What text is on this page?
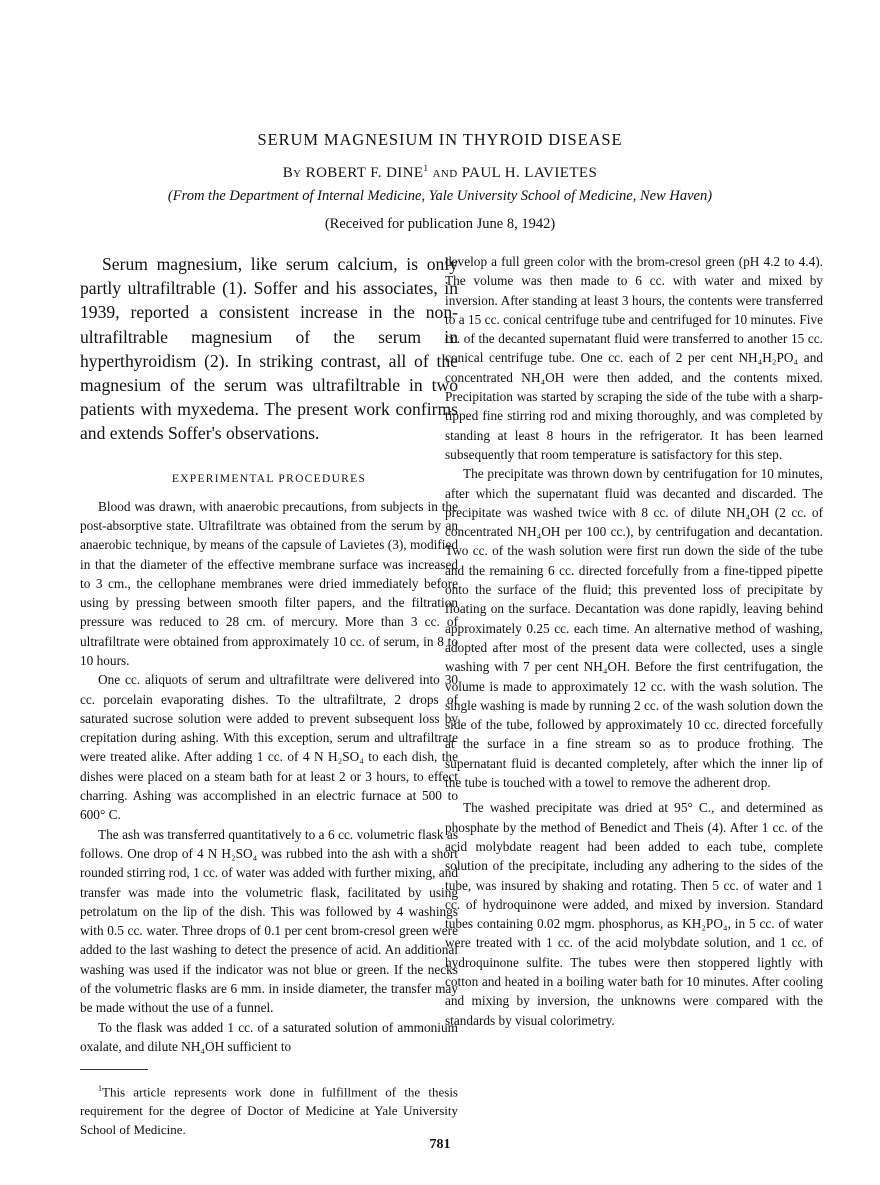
SERUM MAGNESIUM IN THYROID DISEASE
By ROBERT F. DINE$^1$ and PAUL H. LAVIETES
(From the Department of Internal Medicine, Yale University School of Medicine, New Haven)
(Received for publication June 8, 1942)

Serum magnesium, like serum calcium, is only partly ultrafiltrable (1). Soffer and his associates, in 1939, reported a consistent increase in the non-ultrafiltrable magnesium of the serum in hyperthyroidism (2). In striking contrast, all of the magnesium of the serum was ultrafiltrable in two patients with myxedema. The present work confirms and extends Soffer's observations.

EXPERIMENTAL PROCEDURES

Blood was drawn, with anaerobic precautions, from subjects in the post-absorptive state. Ultrafiltrate was obtained from the serum by an anaerobic technique, by means of the capsule of Lavietes (3), modified in that the diameter of the effective membrane surface was increased to 3 cm., the cellophane membranes were dried immediately before using by pressing between smooth filter papers, and the filtration pressure was reduced to 28 cm. of mercury. More than 3 cc. of ultrafiltrate were obtained from approximately 10 cc. of serum, in 8 to 10 hours.

One cc. aliquots of serum and ultrafiltrate were delivered into 30 cc. porcelain evaporating dishes. To the ultrafiltrate, 2 drops of saturated sucrose solution were added to prevent subsequent loss by crepitation during ashing. With this exception, serum and ultrafiltrate were treated alike. After adding 1 cc. of 4 N H₂SO₄ to each dish, the dishes were placed on a steam bath for at least 2 or 3 hours, to effect charring. Ashing was accomplished in an electric furnace at 500 to 600° C.

The ash was transferred quantitatively to a 6 cc. volumetric flask as follows. One drop of 4 N H₂SO₄ was rubbed into the ash with a short rounded stirring rod, 1 cc. of water was added with further mixing, and transfer was made into the volumetric flask, facilitated by using petrolatum on the lip of the dish. This was followed by 4 washings with 0.5 cc. water. Three drops of 0.1 per cent brom-cresol green were added to the last washing to detect the presence of acid. An additional washing was used if the indicator was not blue or green. If the necks of the volumetric flasks are 6 mm. in inside diameter, the transfer may be made without the use of a funnel.

To the flask was added 1 cc. of a saturated solution of ammonium oxalate, and dilute NH₄OH sufficient to

$^1$This article represents work done in fulfillment of the thesis requirement for the degree of Doctor of Medicine at Yale University School of Medicine.

develop a full green color with the brom-cresol green (pH 4.2 to 4.4). The volume was then made to 6 cc. with water and mixed by inversion. After standing at least 3 hours, the contents were transferred to a 15 cc. conical centrifuge tube and centrifuged for 10 minutes. Five cc. of the decanted supernatant fluid were transferred to another 15 cc. conical centrifuge tube. One cc. each of 2 per cent NH₄H₂PO₄ and concentrated NH₄OH were then added, and the contents mixed. Precipitation was started by scraping the side of the tube with a sharp-tipped fine stirring rod and mixing thoroughly, and was completed by standing at least 8 hours in the refrigerator. It has been learned subsequently that room temperature is satisfactory for this step.

The precipitate was thrown down by centrifugation for 10 minutes, after which the supernatant fluid was decanted and discarded. The precipitate was washed twice with 8 cc. of dilute NH₄OH (2 cc. of concentrated NH₄OH per 100 cc.), by centrifugation and decantation. Two cc. of the wash solution were first run down the side of the tube and the remaining 6 cc. directed forcefully from a fine-tipped pipette onto the surface of the fluid; this prevented loss of precipitate by floating on the surface. Decantation was done rapidly, leaving behind approximately 0.25 cc. each time. An alternative method of washing, adopted after most of the present data were collected, uses a single washing with 7 per cent NH₄OH. Before the first centrifugation, the volume is made to approximately 12 cc. with the wash solution. The single washing is made by running 2 cc. of the wash solution down the side of the tube, followed by approximately 10 cc. directed forcefully at the surface in a fine stream so as to produce frothing. The supernatant fluid is decanted completely, after which the inner lip of the tube is touched with a towel to remove the adherent drop.

The washed precipitate was dried at 95° C., and determined as phosphate by the method of Benedict and Theis (4). After 1 cc. of the acid molybdate reagent had been added to each tube, complete solution of the precipitate, including any adhering to the sides of the tube, was insured by shaking and rotating. Then 5 cc. of water and 1 cc. of hydroquinone were added, and mixed by inversion. Standard tubes containing 0.02 mgm. phosphorus, as KH₂PO₄, in 5 cc. of water were treated with 1 cc. of the acid molybdate solution, and 1 cc. of hydroquinone sulfite. The tubes were then stoppered lightly with cotton and heated in a boiling water bath for 10 minutes. After cooling and mixing by inversion, the unknowns were compared with the standards by visual colorimetry.

781
